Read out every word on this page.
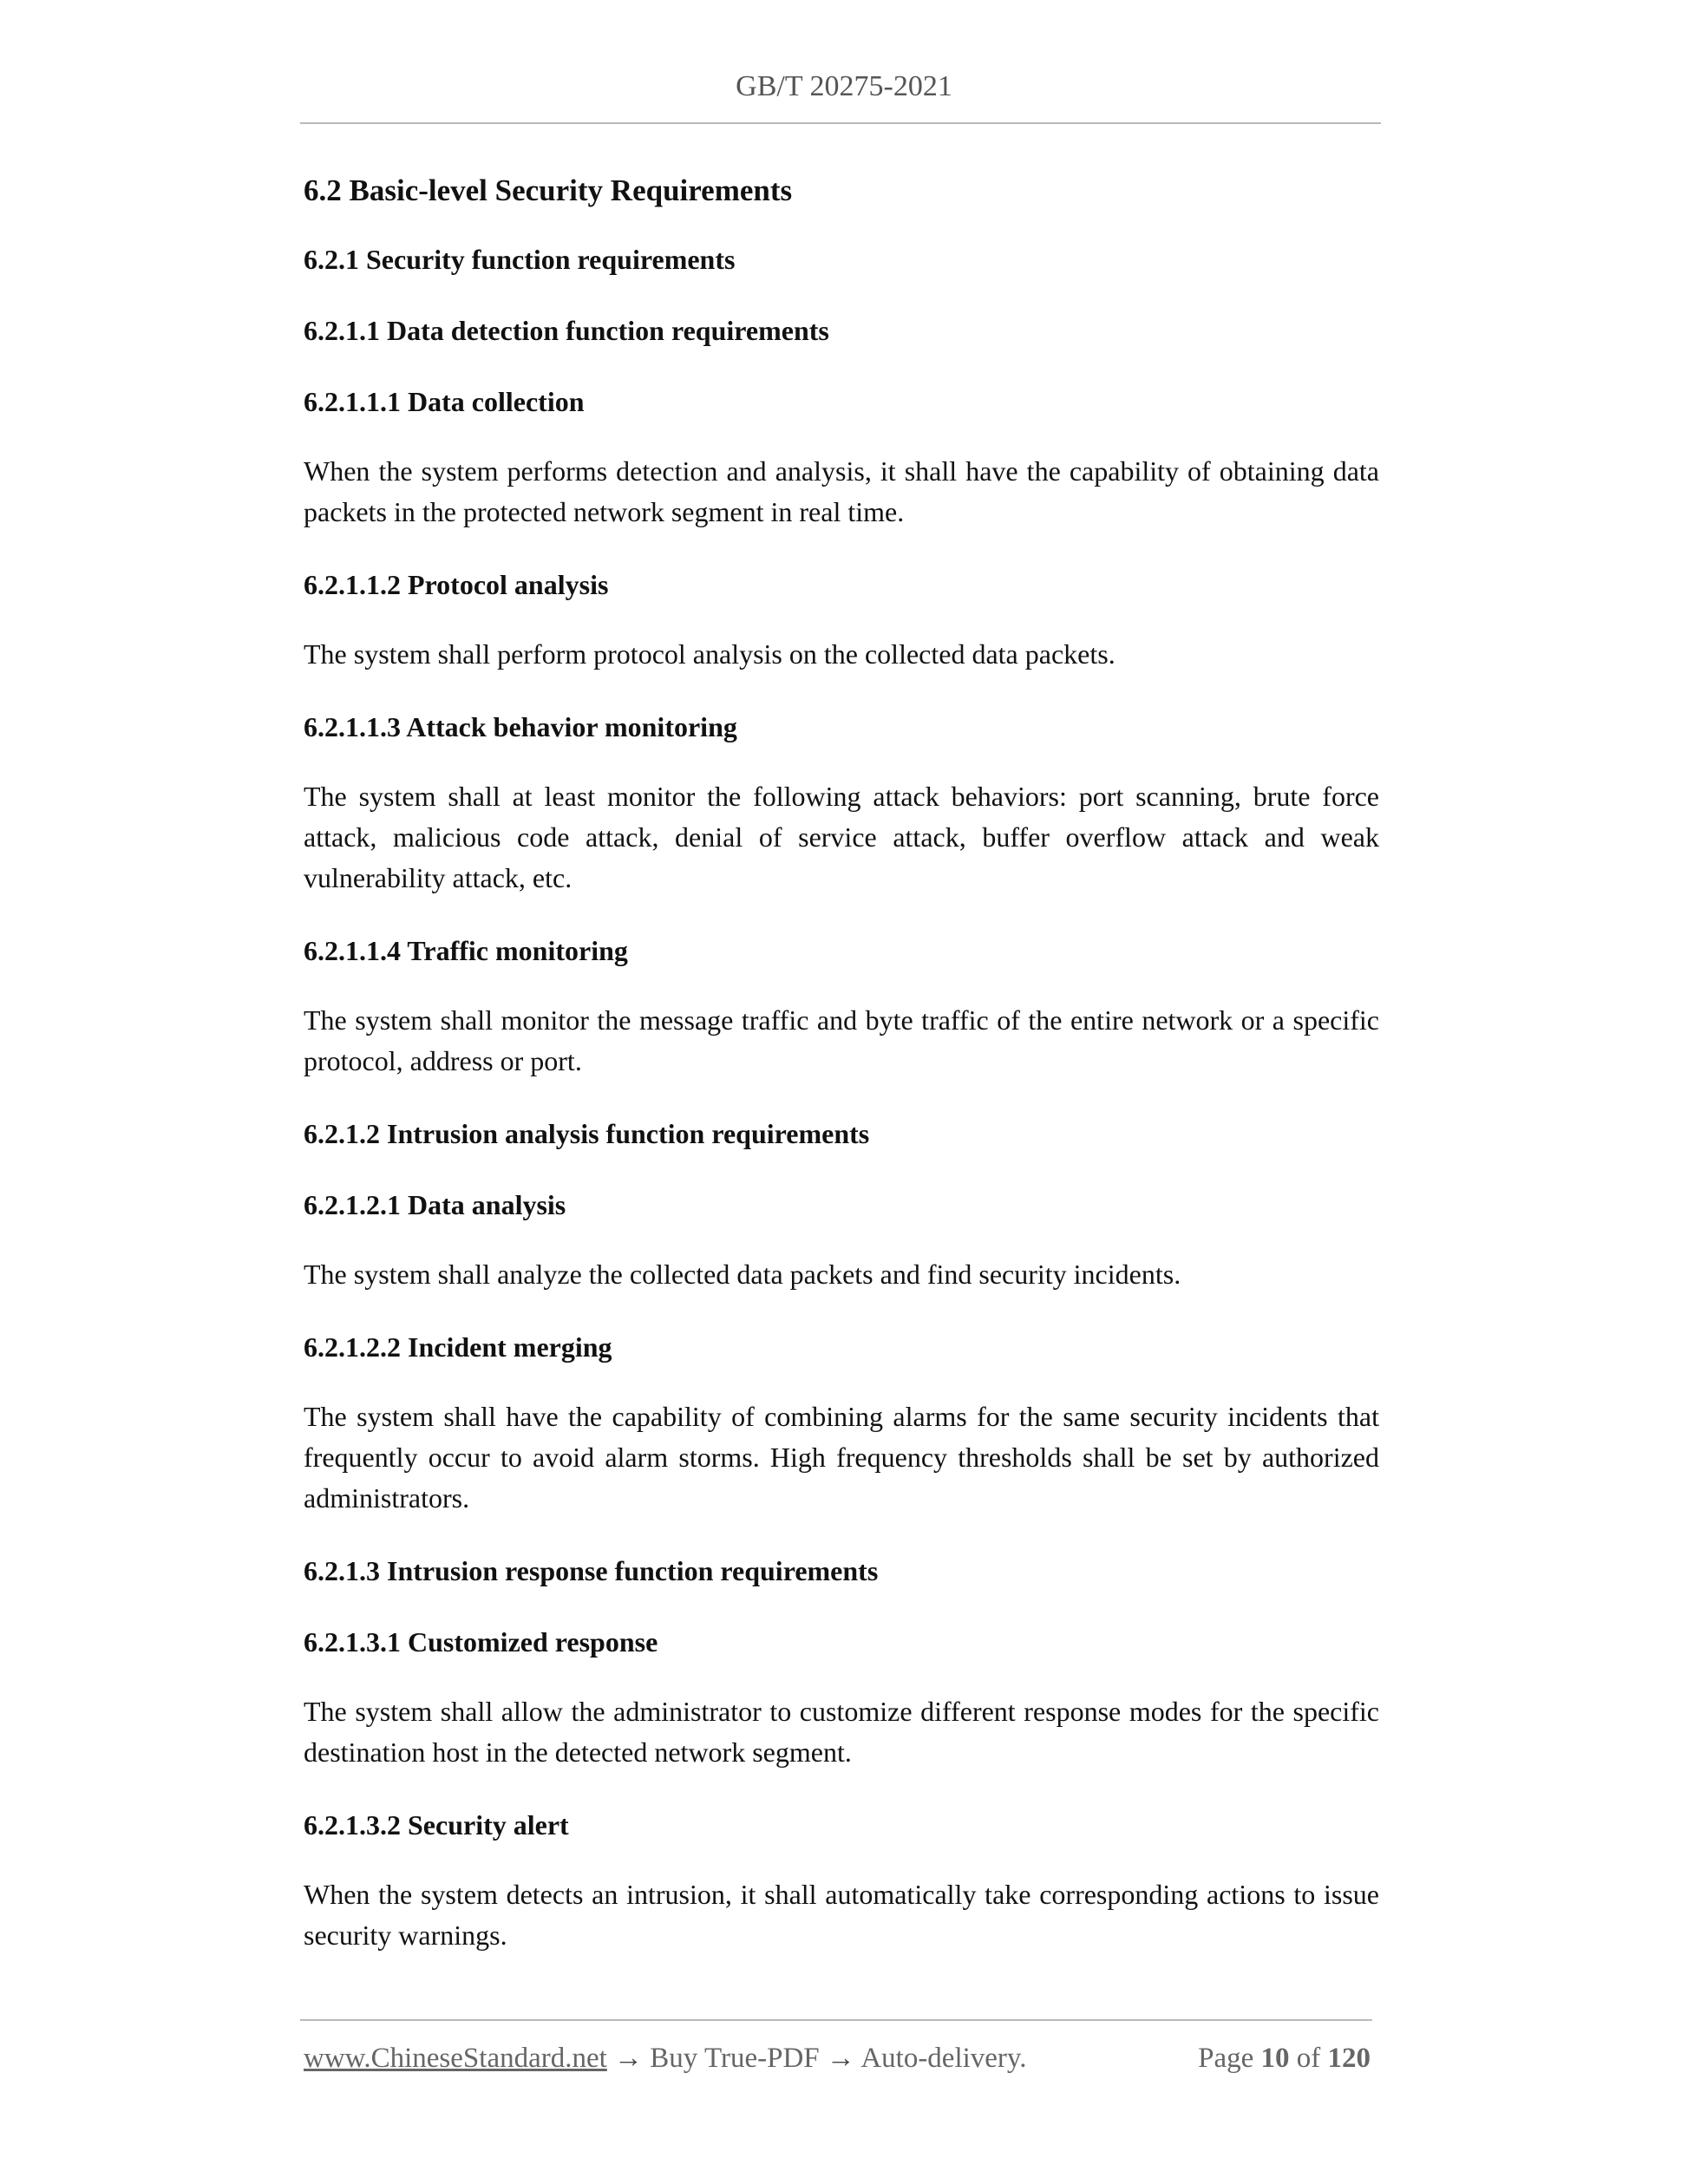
GB/T 20275-2021
6.2 Basic-level Security Requirements
6.2.1 Security function requirements
6.2.1.1 Data detection function requirements
6.2.1.1.1 Data collection

When the system performs detection and analysis, it shall have the capability of obtaining data packets in the protected network segment in real time.

6.2.1.1.2 Protocol analysis

The system shall perform protocol analysis on the collected data packets.

6.2.1.1.3 Attack behavior monitoring

The system shall at least monitor the following attack behaviors: port scanning, brute force attack, malicious code attack, denial of service attack, buffer overflow attack and weak vulnerability attack, etc.

6.2.1.1.4 Traffic monitoring

The system shall monitor the message traffic and byte traffic of the entire network or a specific protocol, address or port.

6.2.1.2 Intrusion analysis function requirements
6.2.1.2.1 Data analysis

The system shall analyze the collected data packets and find security incidents.

6.2.1.2.2 Incident merging

The system shall have the capability of combining alarms for the same security incidents that frequently occur to avoid alarm storms. High frequency thresholds shall be set by authorized administrators.

6.2.1.3 Intrusion response function requirements
6.2.1.3.1 Customized response

The system shall allow the administrator to customize different response modes for the specific destination host in the detected network segment.

6.2.1.3.2 Security alert

When the system detects an intrusion, it shall automatically take corresponding actions to issue security warnings.

www.ChineseStandard.net → Buy True-PDF → Auto-delivery.	Page 10 of 120
